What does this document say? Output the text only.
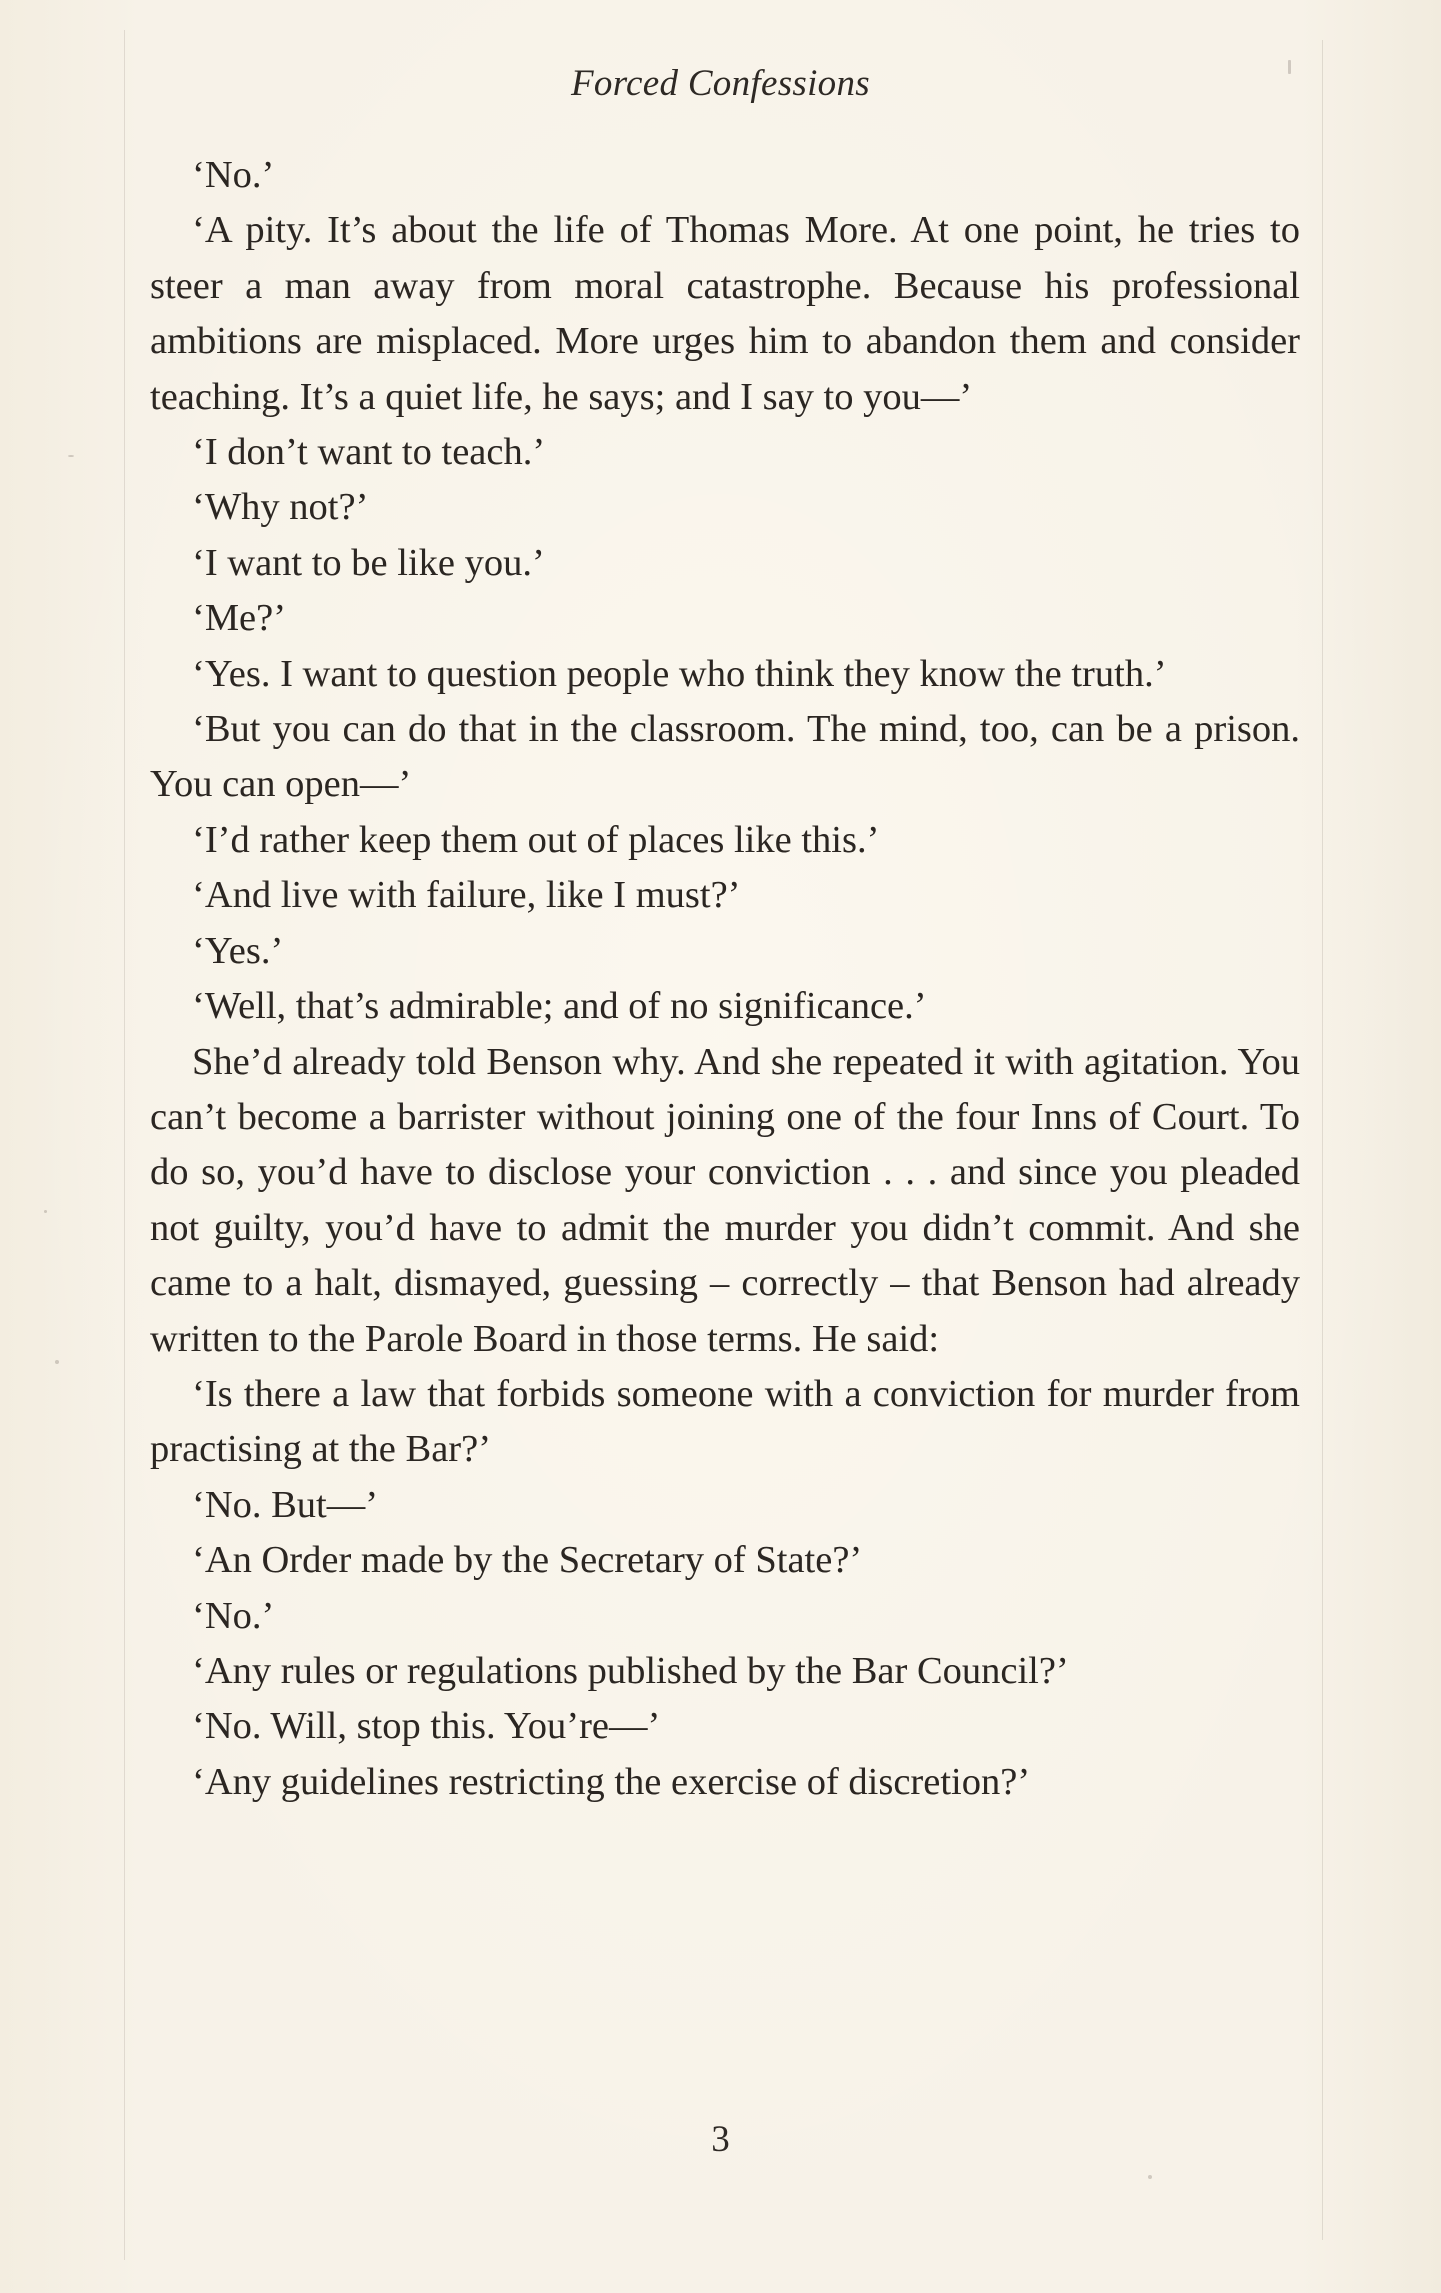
Forced Confessions

‘No.’

‘A pity. It’s about the life of Thomas More. At one point, he tries to steer a man away from moral catastrophe. Because his professional ambitions are misplaced. More urges him to abandon them and consider teaching. It’s a quiet life, he says; and I say to you—’

‘I don’t want to teach.’

‘Why not?’

‘I want to be like you.’

‘Me?’

‘Yes. I want to question people who think they know the truth.’

‘But you can do that in the classroom. The mind, too, can be a prison. You can open—’

‘I’d rather keep them out of places like this.’

‘And live with failure, like I must?’

‘Yes.’

‘Well, that’s admirable; and of no significance.’

She’d already told Benson why. And she repeated it with agitation. You can’t become a barrister without joining one of the four Inns of Court. To do so, you’d have to disclose your conviction . . . and since you pleaded not guilty, you’d have to admit the murder you didn’t commit. And she came to a halt, dismayed, guessing – correctly – that Benson had already written to the Parole Board in those terms. He said:

‘Is there a law that forbids someone with a conviction for murder from practising at the Bar?’

‘No. But—’

‘An Order made by the Secretary of State?’

‘No.’

‘Any rules or regulations published by the Bar Council?’

‘No. Will, stop this. You’re—’

‘Any guidelines restricting the exercise of discretion?’

3
